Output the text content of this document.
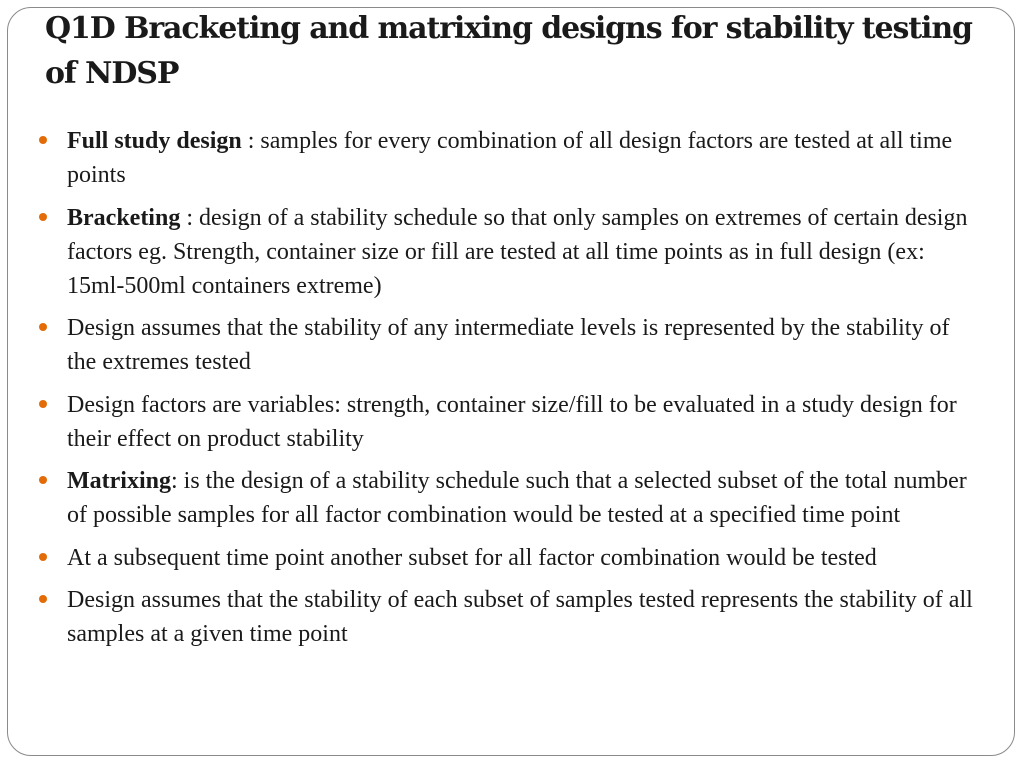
Q1D Bracketing and matrixing designs for stability testing of NDSP
Full study design : samples for every combination of all design factors are tested at all time points
Bracketing : design of a stability schedule so that only samples on extremes of certain design factors eg. Strength, container size or fill are tested at all time points as in full design (ex: 15ml-500ml containers extreme)
Design assumes that the stability of any intermediate levels is represented by the stability of the extremes tested
Design factors are variables: strength, container size/fill to be evaluated in a study design for their effect on product stability
Matrixing: is the design of a stability schedule such that a selected subset of the total number of possible samples for all factor combination would be tested at a specified time point
At a subsequent time point another subset for all factor combination would be tested
Design assumes that the stability of each subset of samples tested represents the stability of all samples at a given time point
